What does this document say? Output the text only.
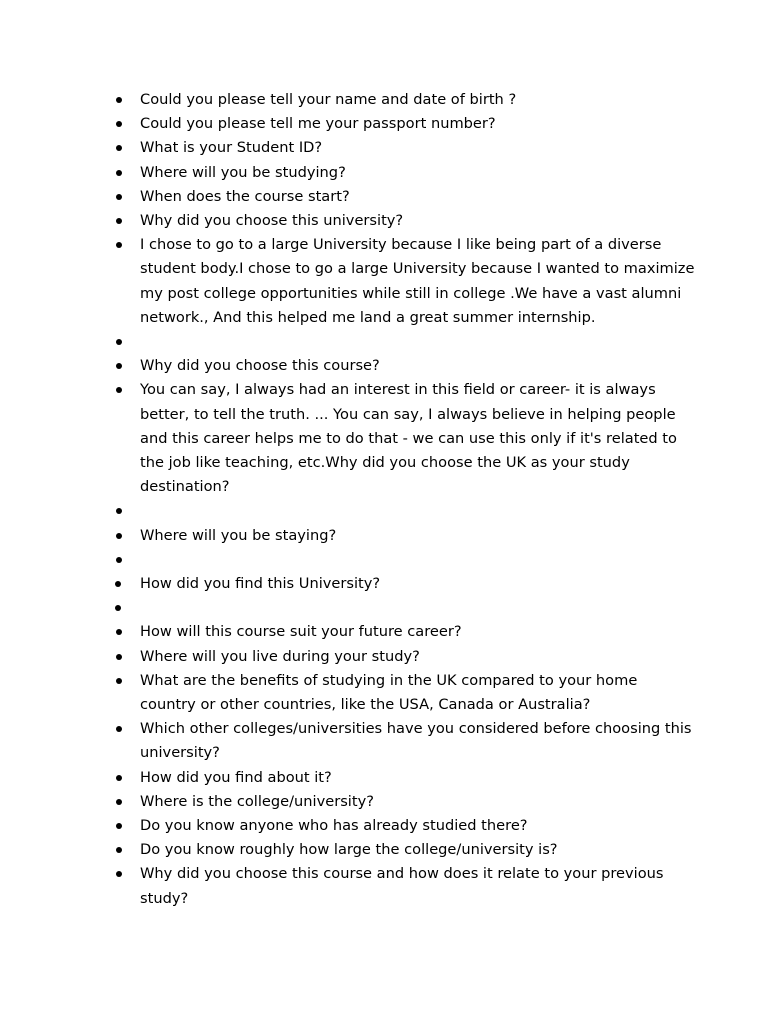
Could you please tell your name and date of birth ?
Could you please tell me your passport number?
What is your Student ID?
Where will you be studying?
When does the course start?
Why did you choose this university?
I chose to go to a large University because I like being part of a diverse student body.I chose to go a large University because I wanted to maximize my post college opportunities while still in college .We have a vast alumni network., And this helped me land a great summer internship.
Why did you choose this course?
You can say, I always had an interest in this field or career- it is always better, to tell the truth. ... You can say, I always believe in helping people and this career helps me to do that - we can use this only if it's related to the job like teaching, etc.Why did you choose the UK as your study destination?
Where will you be staying?
How did you find this University?
How will this course suit your future career?
Where will you live during your study?
What are the benefits of studying in the UK compared to your home country or other countries, like the USA, Canada or Australia?
Which other colleges/universities have you considered before choosing this university?
How did you find about it?
Where is the college/university?
Do you know anyone who has already studied there?
Do you know roughly how large the college/university is?
Why did you choose this course and how does it relate to your previous study?
